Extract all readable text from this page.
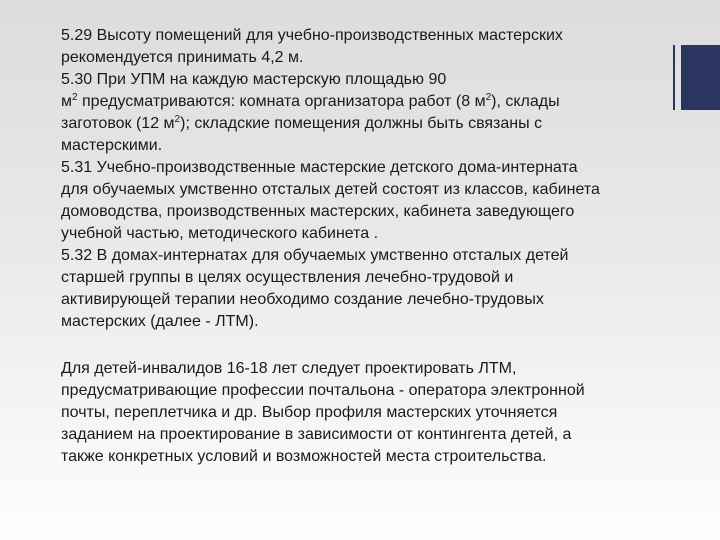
5.29 Высоту помещений для учебно-производственных мастерских
рекомендуется принимать 4,2 м.
5.30 При УПМ на каждую мастерскую площадью 90
$м^2$ предусматриваются: комната организатора работ (8 $м^2$), склады
заготовок (12 $м^2$); складские помещения должны быть связаны с
мастерскими.
5.31 Учебно-производственные мастерские детского дома-интерната
для обучаемых умственно отсталых детей состоят из классов, кабинета
домоводства, производственных мастерских, кабинета заведующего
учебной частью, методического кабинета .
5.32 В домах-интернатах для обучаемых умственно отсталых детей
старшей группы в целях осуществления лечебно-трудовой и
активирующей терапии необходимо создание лечебно-трудовых
мастерских (далее - ЛТМ).

Для детей-инвалидов 16-18 лет следует проектировать ЛТМ,
предусматривающие профессии почтальона - оператора электронной
почты, переплетчика и др. Выбор профиля мастерских уточняется
заданием на проектирование в зависимости от контингента детей, а
также конкретных условий и возможностей места строительства.
